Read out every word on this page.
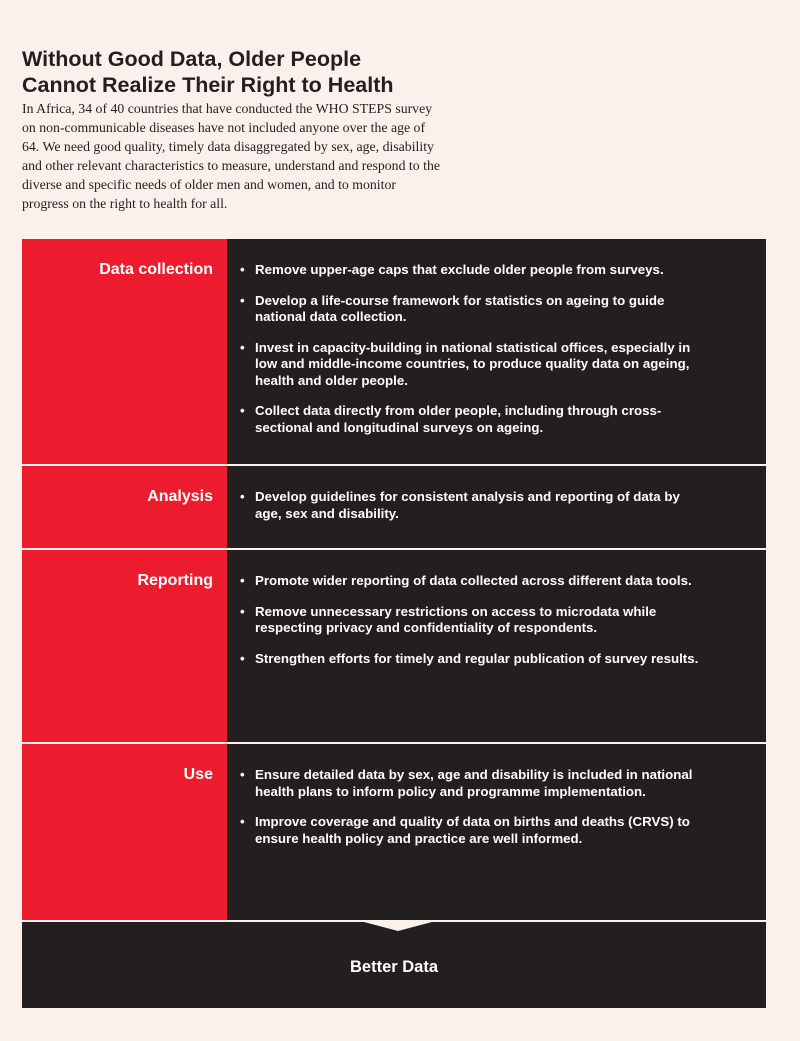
Without Good Data, Older People
Cannot Realize Their Right to Health

In Africa, 34 of 40 countries that have conducted the WHO STEPS survey on non-communicable diseases have not included anyone over the age of 64. We need good quality, timely data disaggregated by sex, age, disability and other relevant characteristics to measure, understand and respond to the diverse and specific needs of older men and women, and to monitor progress on the right to health for all.

Data collection • Remove upper-age caps that exclude older people from surveys.
• Develop a life-course framework for statistics on ageing to guide national data collection.
• Invest in capacity-building in national statistical offices, especially in low and middle-income countries, to produce quality data on ageing, health and older people.
• Collect data directly from older people, including through cross-sectional and longitudinal surveys on ageing.
Analysis • Develop guidelines for consistent analysis and reporting of data by age, sex and disability.
Reporting • Promote wider reporting of data collected across different data tools.
• Remove unnecessary restrictions on access to microdata while respecting privacy and confidentiality of respondents.
• Strengthen efforts for timely and regular publication of survey results.
Use • Ensure detailed data by sex, age and disability is included in national health plans to inform policy and programme implementation.
• Improve coverage and quality of data on births and deaths (CRVS) to ensure health policy and practice are well informed.
Better Data
